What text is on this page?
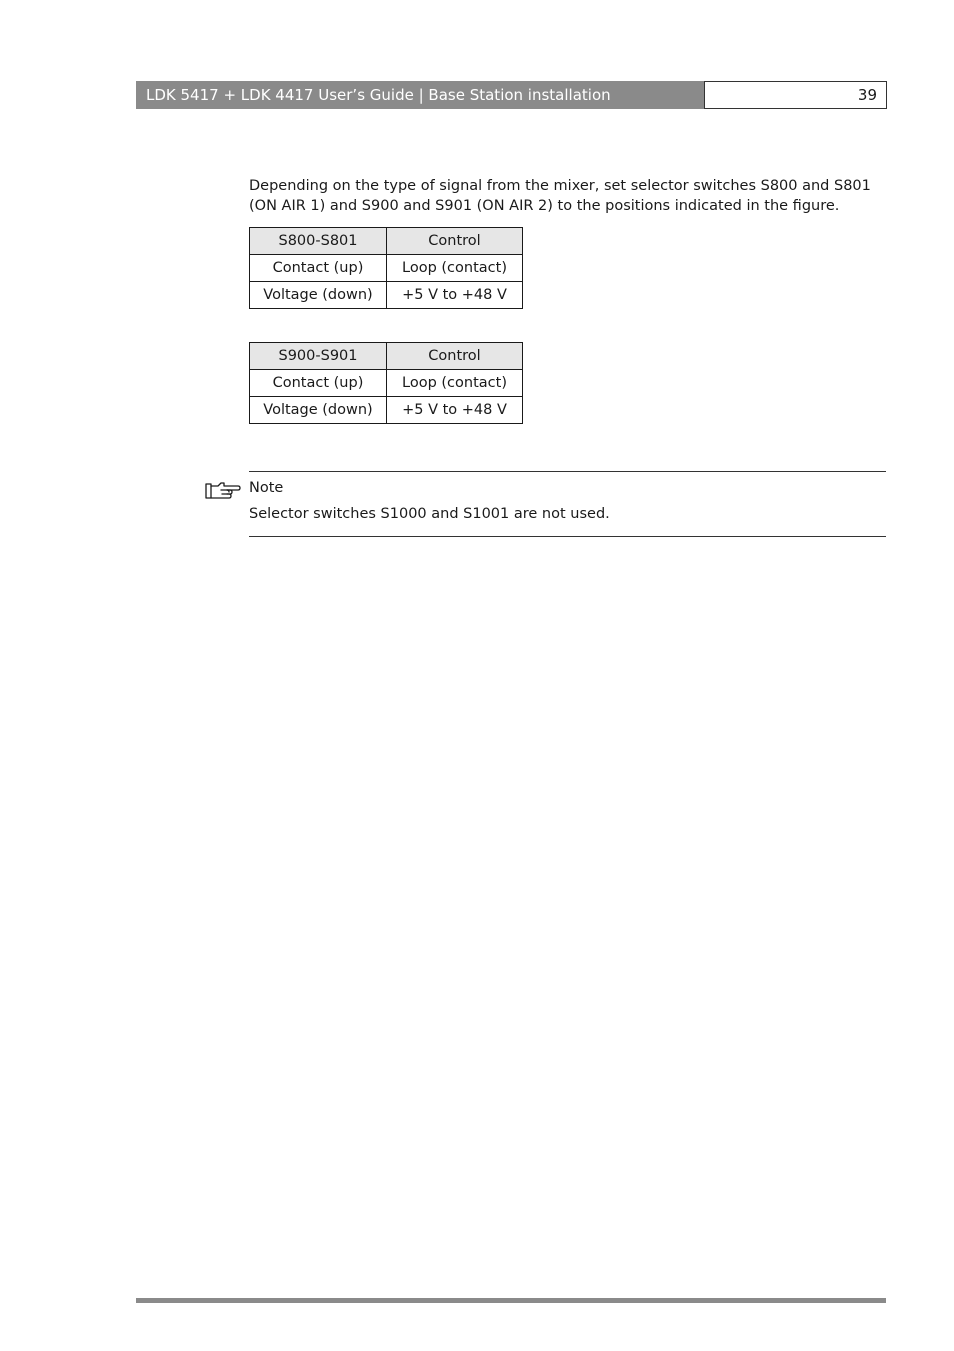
LDK 5417 + LDK 4417 User’s Guide | Base Station installation	39

Depending on the type of signal from the mixer, set selector switches S800 and S801 (ON AIR 1) and S900 and S901 (ON AIR 2) to the positions indicated in the figure.

S800-S801	Control
Contact (up)	Loop (contact)
Voltage (down)	+5 V to +48 V
S900-S901	Control
Contact (up)	Loop (contact)
Voltage (down)	+5 V to +48 V

Note

Selector switches S1000 and S1001 are not used.
